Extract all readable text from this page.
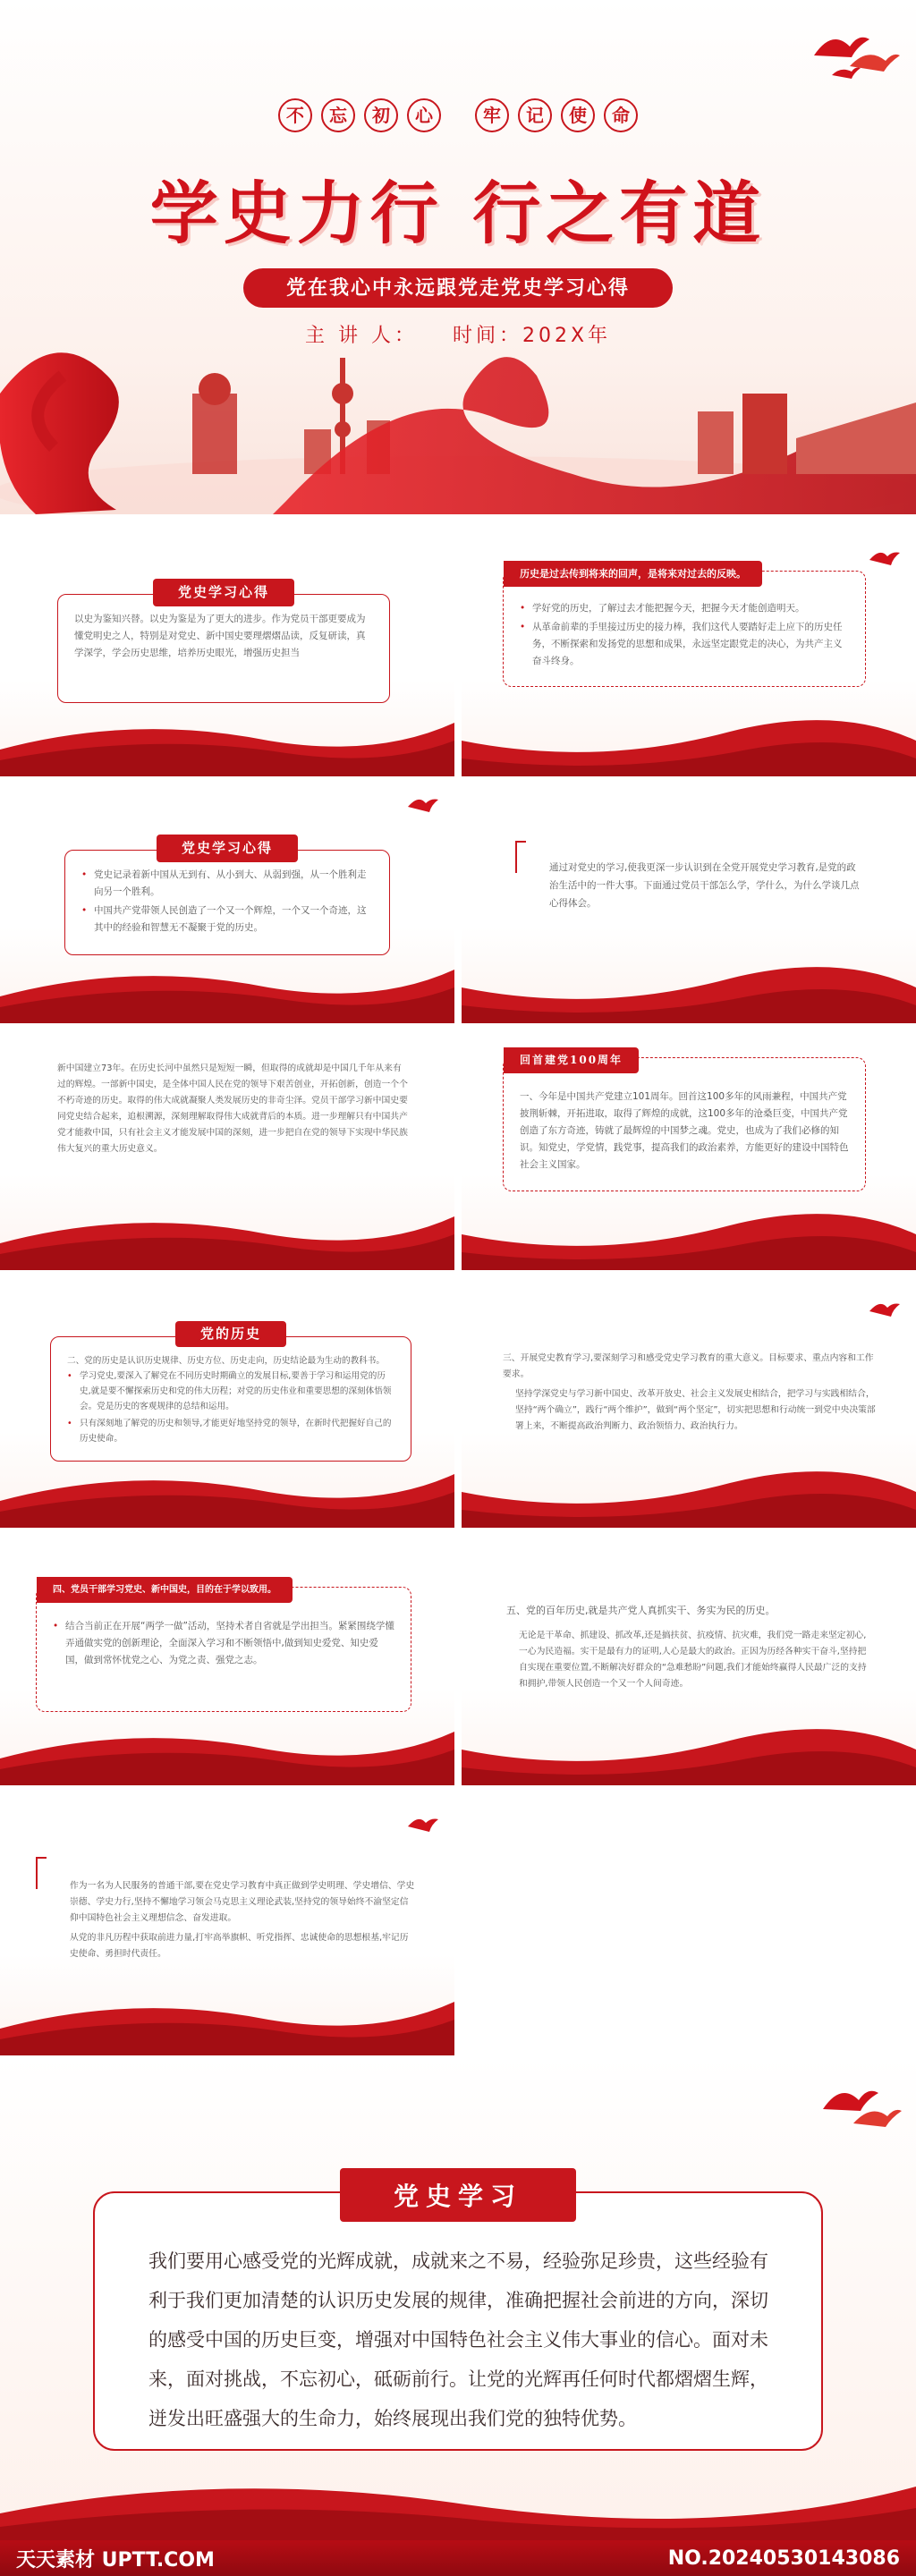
不	忘	初	心	牢	记	使	命
学史力行 行之有道
党在我心中永远跟党走党史学习心得
主 讲 人： 时间：202X年
党史学习心得

以史为鉴知兴替。以史为鉴是为了更大的进步。作为党员干部更要成为懂党明史之人，特别是对党史、新中国史要理熠熠品读，反复研读，真学深学，学会历史思维，培养历史眼光，增强历史担当

历史是过去传到将来的回声，是将来对过去的反映。
• 学好党的历史，了解过去才能把握今天，把握今天才能创造明天。
• 从革命前辈的手里接过历史的接力棒，我们这代人要踏好走上应下的历史任务，不断探索和发扬党的思想和成果，永远坚定跟党走的决心，为共产主义奋斗终身。
党史学习心得
• 党史记录着新中国从无到有、从小到大、从弱到强，从一个胜利走向另一个胜利。
• 中国共产党带领人民创造了一个又一个辉煌，一个又一个奇迹，这其中的经验和智慧无不凝聚于党的历史。

通过对党史的学习,使我更深一步认识到在全党开展党史学习教育,是党的政治生活中的一件大事。下面通过党员干部怎么学，学什么，为什么学谈几点心得体会。

新中国建立73年。在历史长河中虽然只是短短一瞬，但取得的成就却是中国几千年从来有过的辉煌。一部新中国史，是全体中国人民在党的领导下艰苦创业，开拓创新，创造一个个不朽奇迹的历史。取得的伟大成就凝聚人类发展历史的非奇尘泽。党员干部学习新中国史要同党史结合起来，追根溯源，深刻理解取得伟大成就背后的本质。进一步理解只有中国共产党才能救中国，只有社会主义才能发展中国的深刻，进一步把自在党的领导下实现中华民族伟大复兴的重大历史意义。

回首建党100周年

一、今年是中国共产党建立101周年。回首这100多年的风雨兼程，中国共产党披荆斩棘，开拓进取，取得了辉煌的成就，这100多年的沧桑巨变，中国共产党创造了东方奇迹，铸就了最辉煌的中国梦之魂。党史，也成为了我们必修的知识。知党史，学党情，践党事，提高我们的政治素养，方能更好的建设中国特色社会主义国家。

党的历史

二、党的历史是认识历史规律、历史方位、历史走向，历史结论最为生动的教科书。

• 学习党史,要深入了解党在不同历史时期确立的发展目标,要善于学习和运用党的历史,就是要不懈探索历史和党的伟大历程；对党的历史伟业和重要思想的深刻体悟领会。党是历史的客观规律的总结和运用。
• 只有深刻地了解党的历史和领导,才能更好地坚持党的领导，在新时代把握好自己的历史使命。

三、开展党史教育学习,要深刻学习和感受党史学习教育的重大意义。目标要求、重点内容和工作要求。

坚持学深党史与学习新中国史、改革开放史、社会主义发展史相结合，把学习与实践相结合，坚持“两个确立”，践行“两个维护”，做到“两个坚定”，切实把思想和行动统一到党中央决策部署上来，不断提高政治判断力、政治领悟力、政治执行力。
四、党员干部学习党史、新中国史，目的在于学以致用。
• 结合当前正在开展“两学一做”活动，坚持术者自省就是学出担当。紧紧围绕学懂弄通做实党的创新理论，全面深入学习和不断领悟中,做到知史爱党、知史爱国，做到常怀忧党之心、为党之责、强党之志。

五、党的百年历史,就是共产党人真抓实干、务实为民的历史。

无论是干革命、抓建设、抓改革,还是搞扶贫、抗疫情、抗灾难，我们党一路走来坚定初心,一心为民造福。实干是最有力的证明,人心是最大的政治。正因为历经各种实干奋斗,坚持把自实现在重要位置,不断解决好群众的“急难愁盼”问题,我们才能始终赢得人民最广泛的支持和拥护,带领人民创造一个又一个人间奇迹。
作为一名为人民服务的普通干部,要在党史学习教育中真正做到学史明理、学史增信、学史崇德、学史力行,坚持不懈地学习领会马克思主义理论武装,坚持党的领导始终不渝坚定信仰中国特色社会主义理想信念、奋发进取。
从党的非凡历程中获取前进力量,打牢高举旗帜、听党指挥、忠诚使命的思想根基,牢记历史使命、勇担时代责任。
党史学习

我们要用心感受党的光辉成就，成就来之不易，经验弥足珍贵，这些经验有利于我们更加清楚的认识历史发展的规律，准确把握社会前进的方向，深切的感受中国的历史巨变，增强对中国特色社会主义伟大事业的信心。面对未来，面对挑战，不忘初心，砥砺前行。让党的光辉再任何时代都熠熠生辉，迸发出旺盛强大的生命力，始终展现出我们党的独特优势。

天天素材 UPTT.COM	NO.20240530143086
